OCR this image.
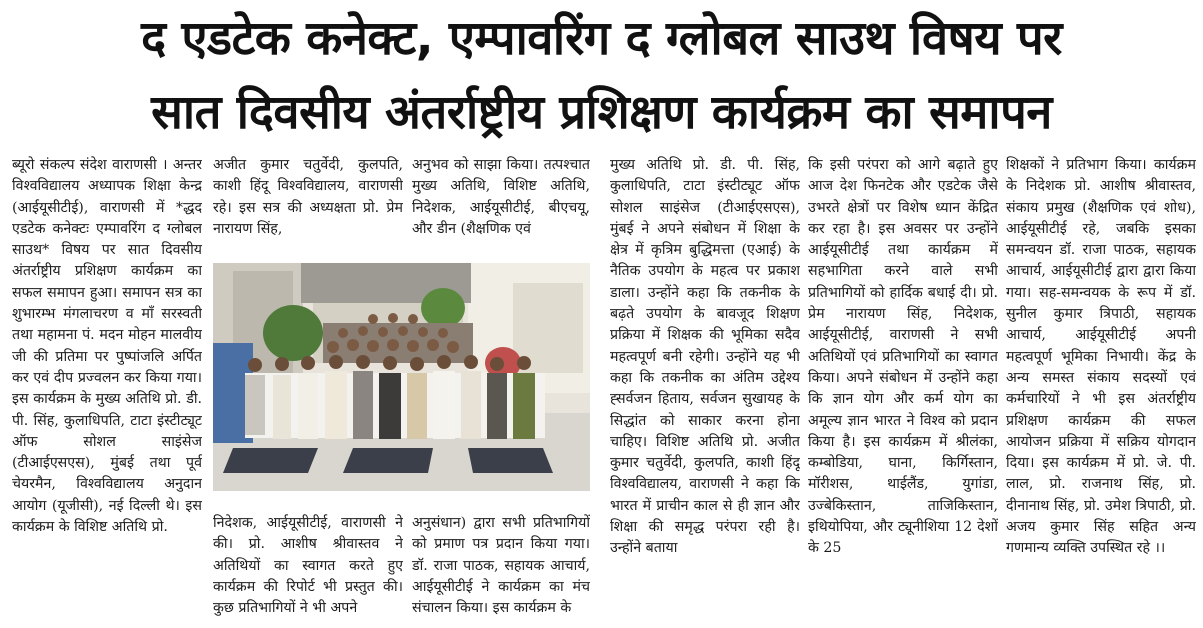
द एडटेक कनेक्ट, एम्पावरिंग द ग्लोबल साउथ विषय पर
सात दिवसीय अंतर्राष्ट्रीय प्रशिक्षण कार्यक्रम का समापन

ब्यूरो संकल्प संदेश वाराणसी । अन्तर विश्वविद्यालय अध्यापक शिक्षा केन्द्र (आईयूसीटीई), वाराणसी में *द्धद एडटेक कनेक्टः एम्पावरिंग द ग्लोबल साउथ* विषय पर सात दिवसीय अंतर्राष्ट्रीय प्रशिक्षण कार्यक्रम का सफल समापन हुआ। समापन सत्र का शुभारम्भ मंगलाचरण व माँ सरस्वती तथा महामना पं. मदन मोहन मालवीय जी की प्रतिमा पर पुष्पांजलि अर्पित कर एवं दीप प्रज्वलन कर किया गया। इस कार्यक्रम के मुख्य अतिथि प्रो. डी. पी. सिंह, कुलाधिपति, टाटा इंस्टीट्यूट ऑफ सोशल साइंसेज (टीआईएसएस), मुंबई तथा पूर्व चेयरमैन, विश्वविद्यालय अनुदान आयोग (यूजीसी), नई दिल्ली थे। इस कार्यक्रम के विशिष्ट अतिथि प्रो.

अजीत कुमार चतुर्वेदी, कुलपति, काशी हिंदू विश्वविद्यालय, वाराणसी रहे। इस सत्र की अध्यक्षता प्रो. प्रेम नारायण सिंह,
निदेशक, आईयूसीटीई, वाराणसी ने की। प्रो. आशीष श्रीवास्तव ने अतिथियों का स्वागत करते हुए कार्यक्रम की रिपोर्ट भी प्रस्तुत की। कुछ प्रतिभागियों ने भी अपने
अनुभव को साझा किया। तत्पश्चात मुख्य अतिथि, विशिष्ट अतिथि, निदेशक, आईयूसीटीई, बीएचयू, और डीन (शैक्षणिक एवं
अनुसंधान) द्वारा सभी प्रतिभागियों को प्रमाण पत्र प्रदान किया गया। डॉ. राजा पाठक, सहायक आचार्य, आईयूसीटीई ने कार्यक्रम का मंच संचालन किया। इस कार्यक्रम के

मुख्य अतिथि प्रो. डी. पी. सिंह, कुलाधिपति, टाटा इंस्टीट्यूट ऑफ सोशल साइंसेज (टीआईएसएस), मुंबई ने अपने संबोधन में शिक्षा के क्षेत्र में कृत्रिम बुद्धिमत्ता (एआई) के नैतिक उपयोग के महत्व पर प्रकाश डाला। उन्होंने कहा कि तकनीक के बढ़ते उपयोग के बावजूद शिक्षण प्रक्रिया में शिक्षक की भूमिका सदैव महत्वपूर्ण बनी रहेगी। उन्होंने यह भी कहा कि तकनीक का अंतिम उद्देश्य ह्सर्वजन हिताय, सर्वजन सुखायह के सिद्धांत को साकार करना होना चाहिए। विशिष्ट अतिथि प्रो. अजीत कुमार चतुर्वेदी, कुलपति, काशी हिंदू विश्वविद्यालय, वाराणसी ने कहा कि भारत में प्राचीन काल से ही ज्ञान और शिक्षा की समृद्ध परंपरा रही है। उन्होंने बताया

कि इसी परंपरा को आगे बढ़ाते हुए आज देश फिनटेक और एडटेक जैसे उभरते क्षेत्रों पर विशेष ध्यान केंद्रित कर रहा है। इस अवसर पर उन्होंने आईयूसीटीई तथा कार्यक्रम में सहभागिता करने वाले सभी प्रतिभागियों को हार्दिक बधाई दी। प्रो. प्रेम नारायण सिंह, निदेशक, आईयूसीटीई, वाराणसी ने सभी अतिथियों एवं प्रतिभागियों का स्वागत किया। अपने संबोधन में उन्होंने कहा कि ज्ञान योग और कर्म योग का अमूल्य ज्ञान भारत ने विश्व को प्रदान किया है। इस कार्यक्रम में श्रीलंका, कम्बोडिया, घाना, किर्गिस्तान, मॉरीशस, थाईलैंड, युगांडा, उज्बेकिस्तान, ताजिकिस्तान, इथियोपिया, और ट्यूनीशिया 12 देशों के 25

शिक्षकों ने प्रतिभाग किया। कार्यक्रम के निदेशक प्रो. आशीष श्रीवास्तव, संकाय प्रमुख (शैक्षणिक एवं शोध), आईयूसीटीई रहे, जबकि इसका समन्वयन डॉ. राजा पाठक, सहायक आचार्य, आईयूसीटीई द्वारा द्वारा किया गया। सह-समन्वयक के रूप में डॉ. सुनील कुमार त्रिपाठी, सहायक आचार्य, आईयूसीटीई अपनी महत्वपूर्ण भूमिका निभायी। केंद्र के अन्य समस्त संकाय सदस्यों एवं कर्मचारियों ने भी इस अंतर्राष्ट्रीय प्रशिक्षण कार्यक्रम की सफल आयोजन प्रक्रिया में सक्रिय योगदान दिया। इस कार्यक्रम में प्रो. जे. पी. लाल, प्रो. राजनाथ सिंह, प्रो. दीनानाथ सिंह, प्रो. उमेश त्रिपाठी, प्रो. अजय कुमार सिंह सहित अन्य गणमान्य व्यक्ति उपस्थित रहे ।।
